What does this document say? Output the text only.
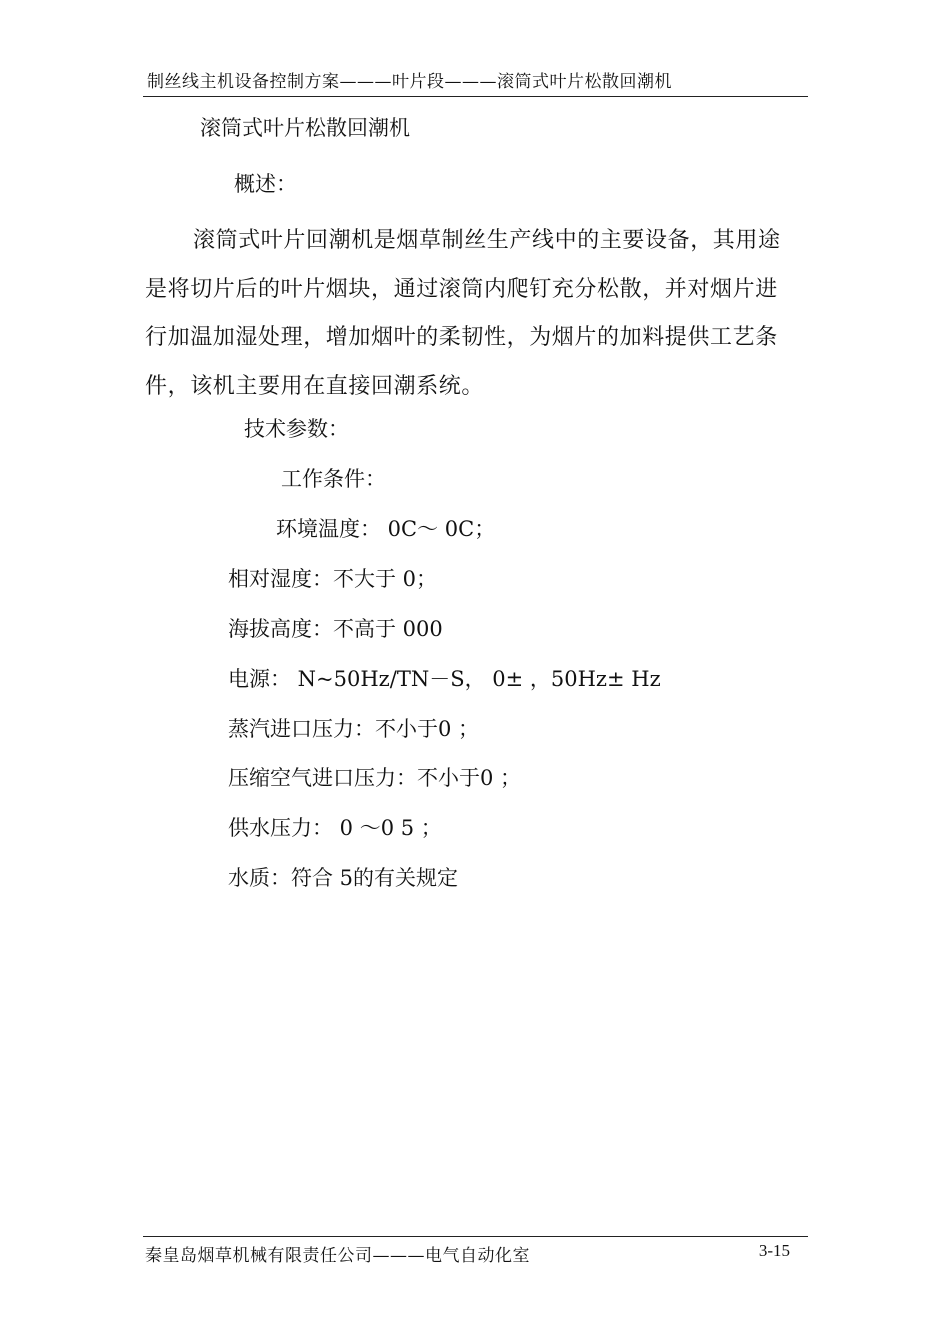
制丝线主机设备控制方案———叶片段———滚筒式叶片松散回潮机
滚筒式叶片松散回潮机
概述：
滚筒式叶片回潮机是烟草制丝生产线中的主要设备，其用途
是将切片后的叶片烟块，通过滚筒内爬钉充分松散，并对烟片进
行加温加湿处理，增加烟叶的柔韧性，为烟片的加料提供工艺条
件，该机主要用在直接回潮系统。
技术参数：
工作条件：
环境温度： 0C～ 0C；
相对湿度：不大于 0；
海拔高度：不高于 000
电源： N~50Hz/TN－S， 0± ，50Hz± Hz
蒸汽进口压力：不小于0 ；
压缩空气进口压力：不小于0 ；
供水压力： 0 ～0 5 ；
水质：符合 5的有关规定
秦皇岛烟草机械有限责任公司———电气自动化室	3-15
